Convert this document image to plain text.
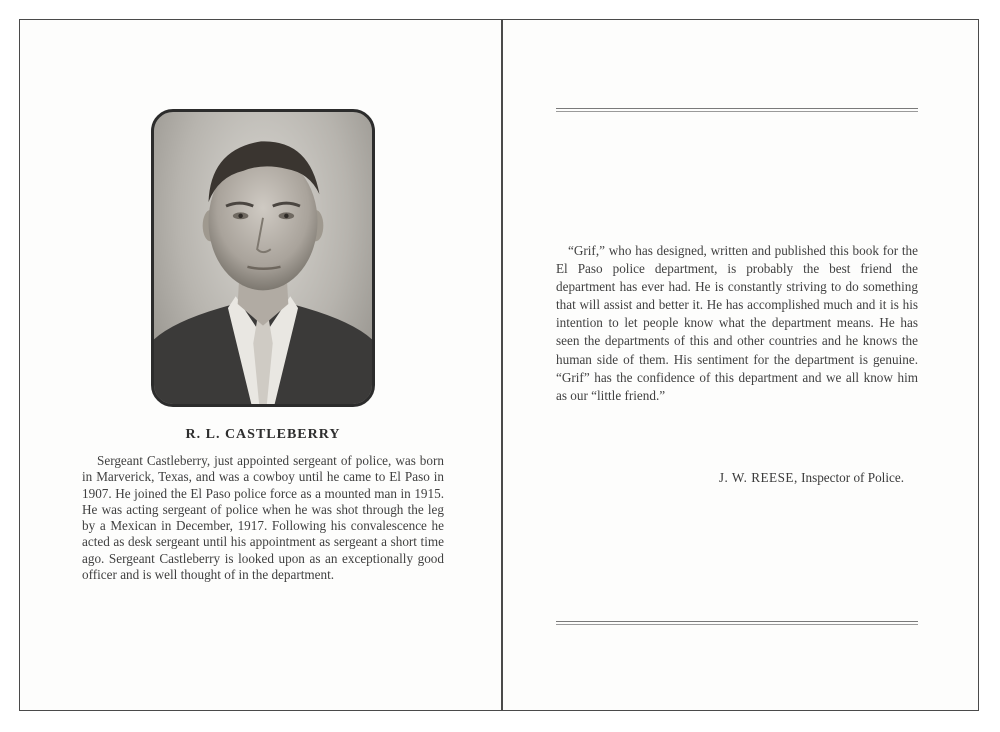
R. L. CASTLEBERRY

Sergeant Castleberry, just appointed sergeant of police, was born in Marverick, Texas, and was a cowboy until he came to El Paso in 1907. He joined the El Paso police force as a mounted man in 1915. He was acting sergeant of police when he was shot through the leg by a Mexican in December, 1917. Following his convalescence he acted as desk sergeant until his appointment as sergeant a short time ago. Sergeant Castleberry is looked upon as an exceptionally good officer and is well thought of in the department.

“Grif,” who has designed, written and published this book for the El Paso police department, is probably the best friend the department has ever had. He is constantly striving to do something that will assist and better it. He has accomplished much and it is his intention to let people know what the department means. He has seen the departments of this and other countries and he knows the human side of them. His sentiment for the department is genuine. “Grif” has the confidence of this department and we all know him as our “little friend.”

J. W. REESE, Inspector of Police.
